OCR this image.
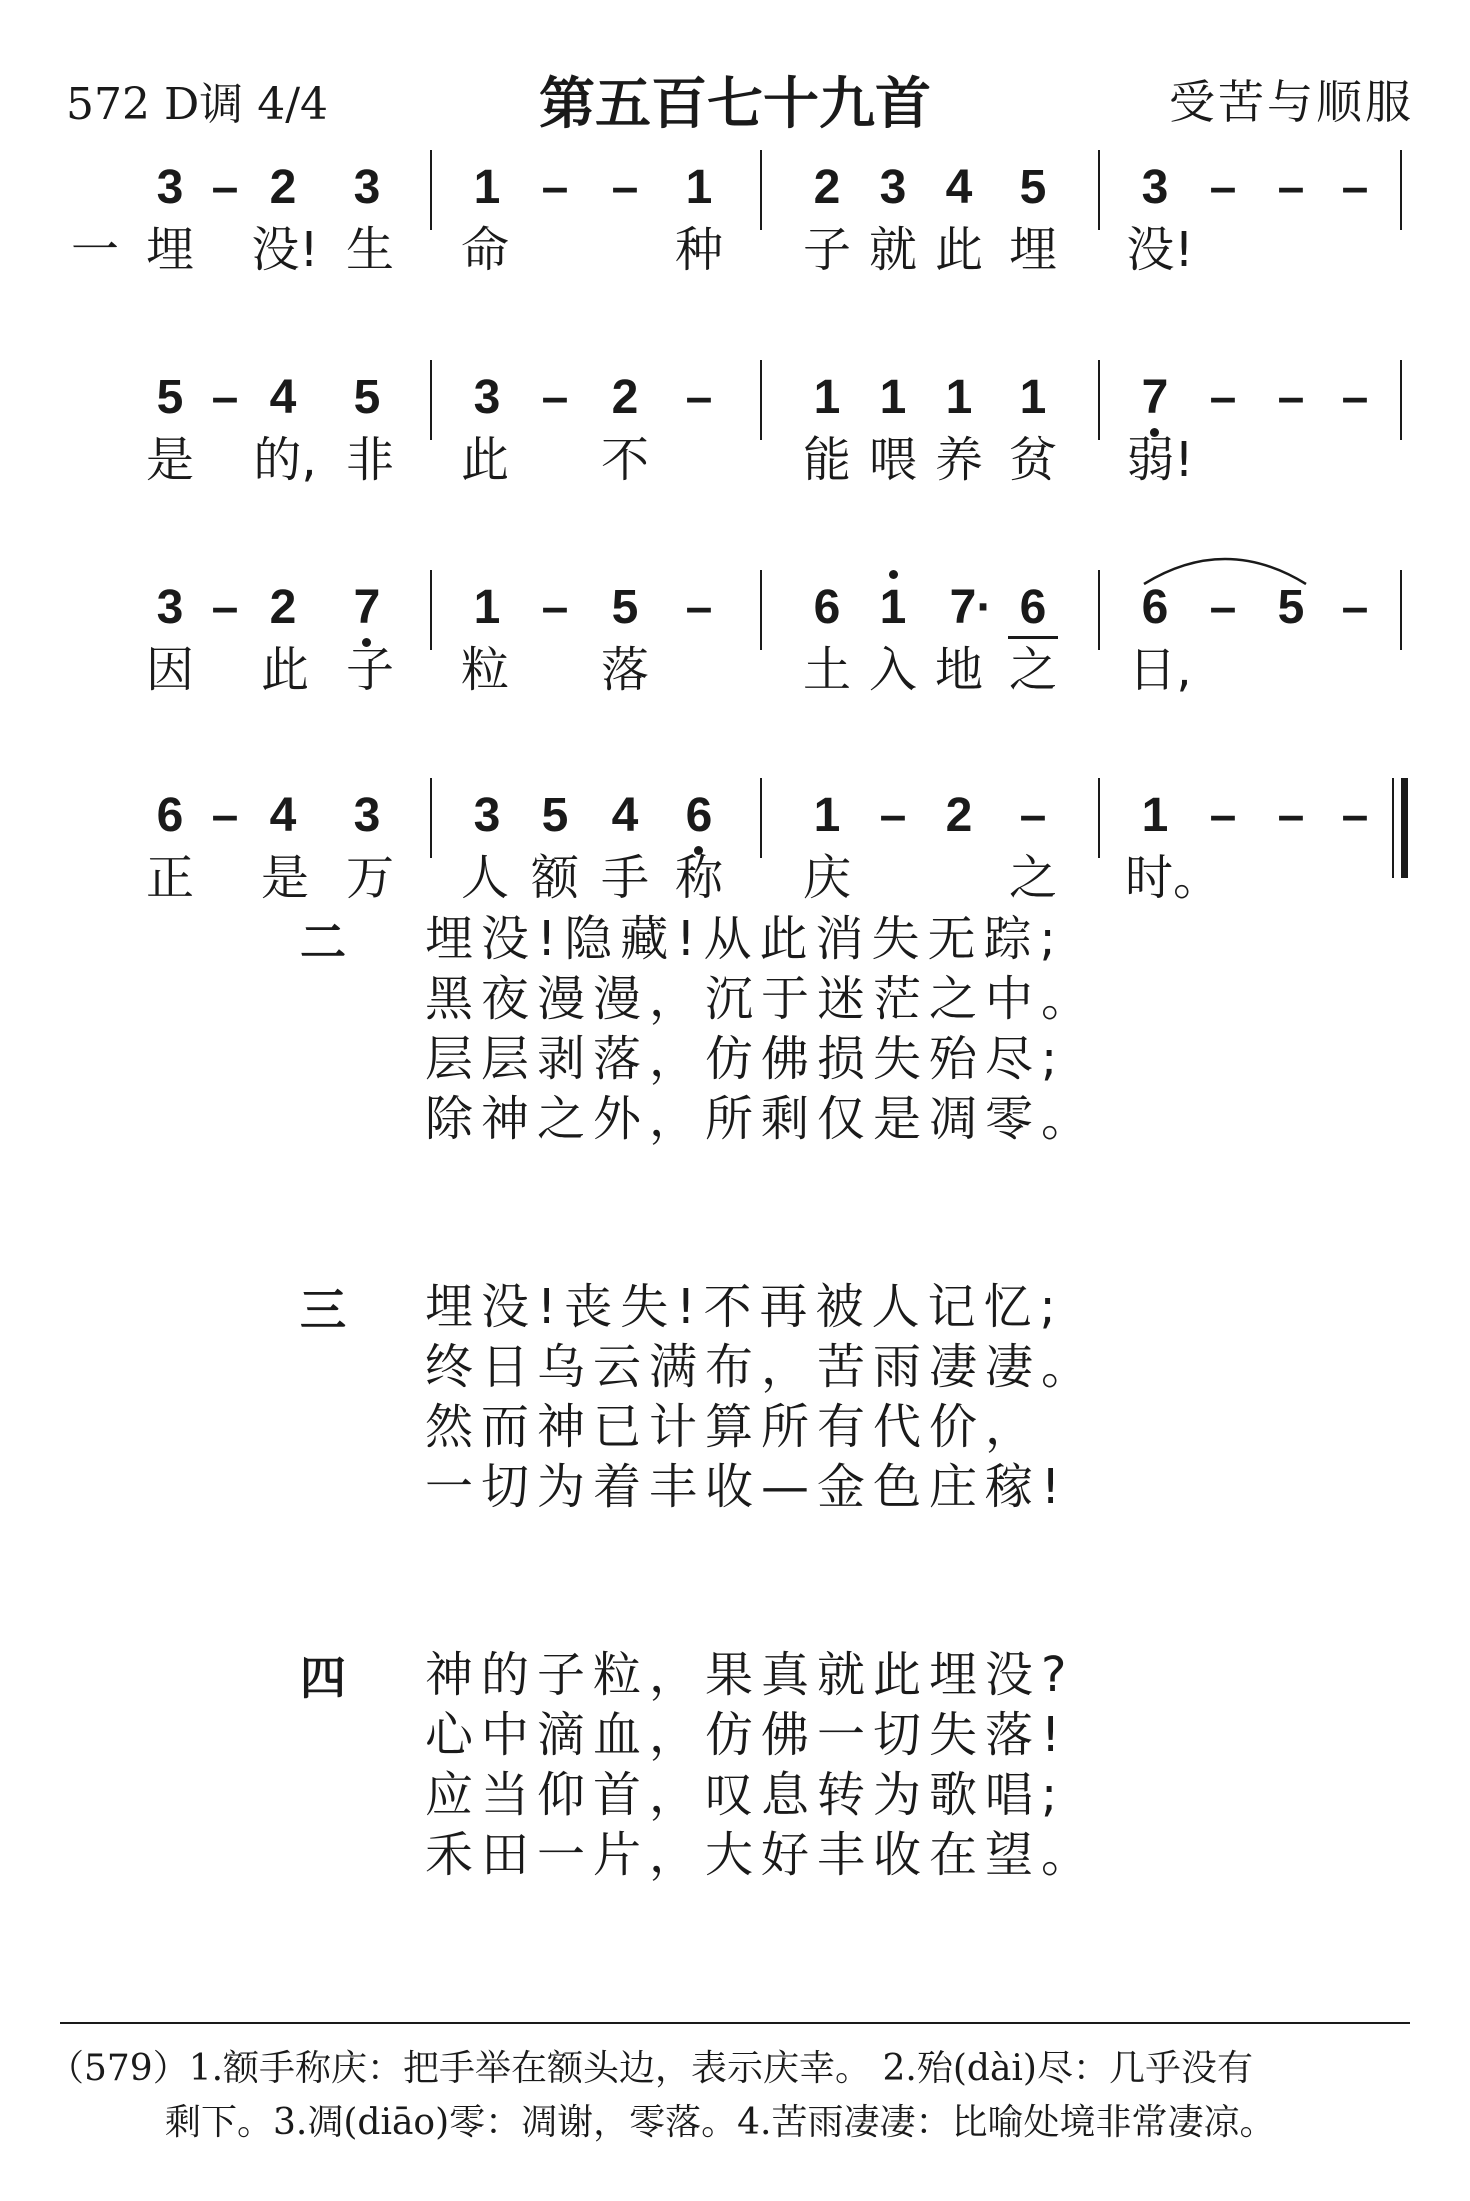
572 D调 4/4	第五百七十九首	受苦与顺服
3 – 2 3 1 – – 1 2 3 4 5 3 – – –
一 埋 没! 生 命	种 子 就 此 埋 没!
5 – 4 5 3 – 2 – 1 1 1 1 7 – – –
是 的, 非 此 不	能 喂 养 贫 弱!
3 – 2 7 1 – 5 – 6 1 7· 6 6 – 5 –
因 此 子 粒 落	土 入 地 之 日,
6 – 4 3 3 5 4 6 1 – 2 – 1 – – –
正 是 万 人 额 手 称 庆	之 时。
二 埋没!隐藏!从此消失无踪;
黑夜漫漫，沉于迷茫之中。
层层剥落，仿佛损失殆尽;
除神之外，所剩仅是凋零。
三 埋没!丧失!不再被人记忆;
终日乌云满布，苦雨凄凄。
然而神已计算所有代价，
一切为着丰收—金色庄稼!
四 神的子粒，果真就此埋没?
心中滴血，仿佛一切失落!
应当仰首，叹息转为歌唱;
禾田一片，大好丰收在望。
（579）1.额手称庆：把手举在额头边，表示庆幸。 2.殆(dài)尽：几乎没有
剩下。3.凋(diāo)零：凋谢，零落。4.苦雨凄凄：比喻处境非常凄凉。
